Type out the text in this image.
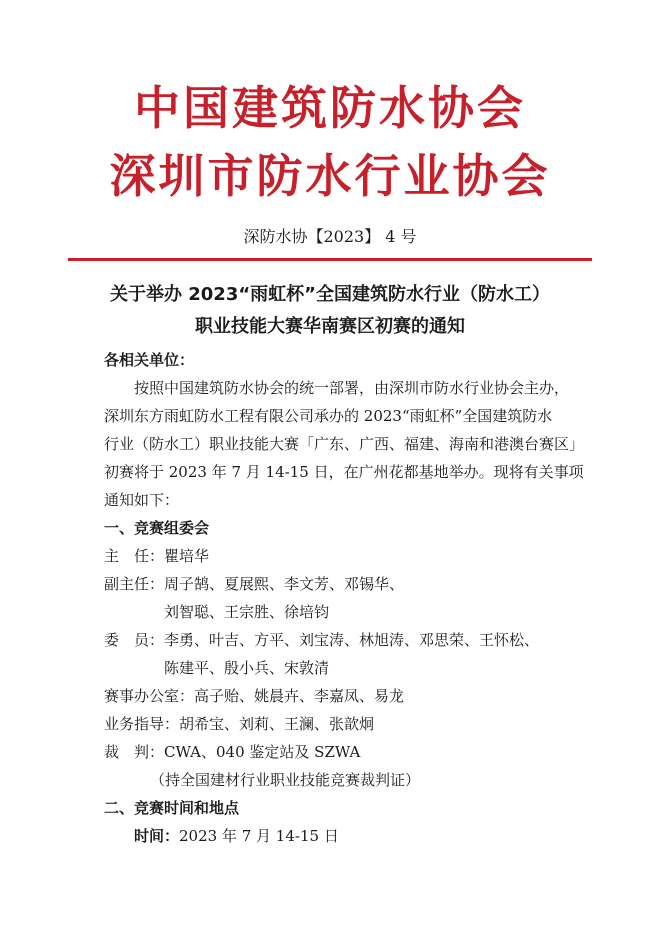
中国建筑防水协会
深圳市防水行业协会
深防水协【2023】 4 号
关于举办 2023“雨虹杯”全国建筑防水行业（防水工）
职业技能大赛华南赛区初赛的通知
各相关单位：
按照中国建筑防水协会的统一部署，由深圳市防水行业协会主办，
深圳东方雨虹防水工程有限公司承办的 2023“雨虹杯”全国建筑防水
行业（防水工）职业技能大赛「广东、广西、福建、海南和港澳台赛区」
初赛将于 2023 年 7 月 14-15 日，在广州花都基地举办。现将有关事项
通知如下：
一、竞赛组委会
主　任：瞿培华
副主任：周子鹄、夏展熙、李文芳、邓锡华、
刘智聪、王宗胜、徐培钧
委　员：李勇、叶吉、方平、刘宝涛、林旭涛、邓思荣、王怀松、
陈建平、殷小兵、宋敦清
赛事办公室：高子贻、姚晨卉、李嘉凤、易龙
业务指导：胡希宝、刘莉、王澜、张歆炯
裁　判：CWA、040 鉴定站及 SZWA
（持全国建材行业职业技能竞赛裁判证）
二、竞赛时间和地点
时间：2023 年 7 月 14-15 日
